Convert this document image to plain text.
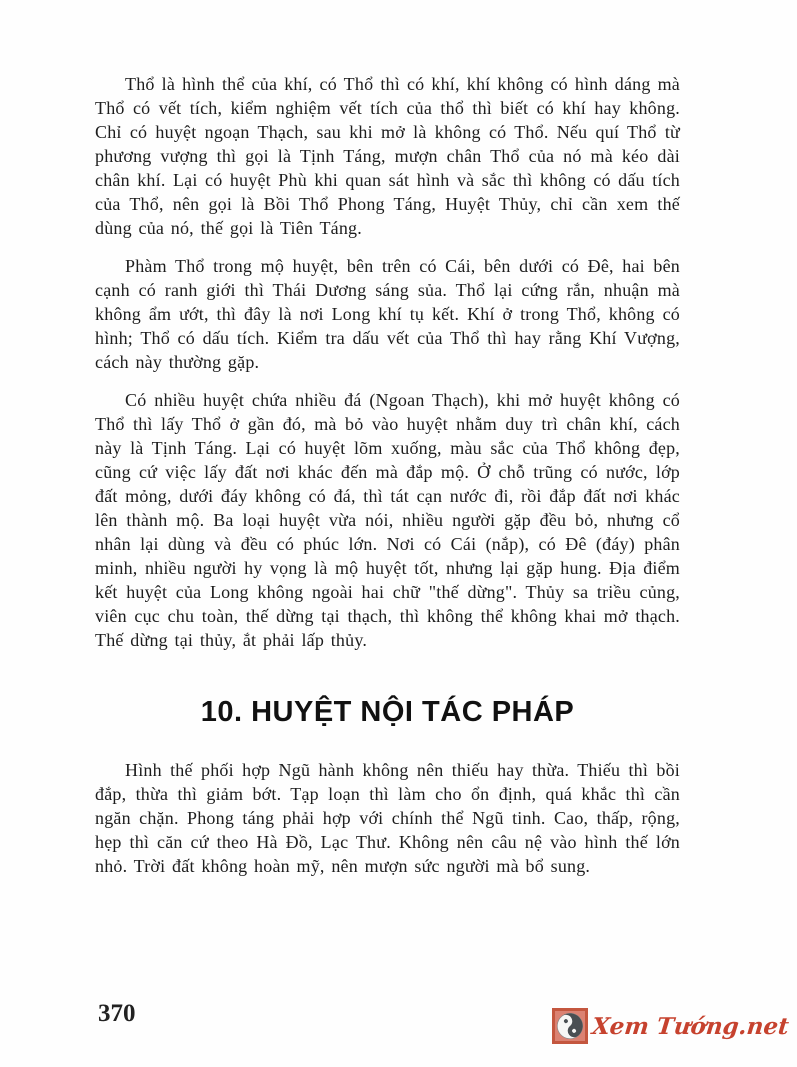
Thổ là hình thể của khí, có Thổ thì có khí, khí không có hình dáng mà Thổ có vết tích, kiểm nghiệm vết tích của thổ thì biết có khí hay không. Chỉ có huyệt ngoạn Thạch, sau khi mở là không có Thổ. Nếu quí Thổ từ phương vượng thì gọi là Tịnh Táng, mượn chân Thổ của nó mà kéo dài chân khí. Lại có huyệt Phù khi quan sát hình và sắc thì không có dấu tích của Thổ, nên gọi là Bồi Thổ Phong Táng, Huyệt Thủy, chỉ cần xem thế dùng của nó, thế gọi là Tiên Táng.

Phàm Thổ trong mộ huyệt, bên trên có Cái, bên dưới có Đê, hai bên cạnh có ranh giới thì Thái Dương sáng sủa. Thổ lại cứng rắn, nhuận mà không ẩm ướt, thì đây là nơi Long khí tụ kết. Khí ở trong Thổ, không có hình; Thổ có dấu tích. Kiểm tra dấu vết của Thổ thì hay rằng Khí Vượng, cách này thường gặp.

Có nhiều huyệt chứa nhiều đá (Ngoan Thạch), khi mở huyệt không có Thổ thì lấy Thổ ở gần đó, mà bỏ vào huyệt nhằm duy trì chân khí, cách này là Tịnh Táng. Lại có huyệt lõm xuống, màu sắc của Thổ không đẹp, cũng cứ việc lấy đất nơi khác đến mà đắp mộ. Ở chỗ trũng có nước, lớp đất mỏng, dưới đáy không có đá, thì tát cạn nước đi, rồi đắp đất nơi khác lên thành mộ. Ba loại huyệt vừa nói, nhiều người gặp đều bỏ, nhưng cổ nhân lại dùng và đều có phúc lớn. Nơi có Cái (nắp), có Đê (đáy) phân minh, nhiều người hy vọng là mộ huyệt tốt, nhưng lại gặp hung. Địa điểm kết huyệt của Long không ngoài hai chữ "thế dừng". Thủy sa triều củng, viên cục chu toàn, thế dừng tại thạch, thì không thể không khai mở thạch. Thế dừng tại thủy, ắt phải lấp thủy.

10. HUYỆT NỘI TÁC PHÁP

Hình thế phối hợp Ngũ hành không nên thiếu hay thừa. Thiếu thì bồi đắp, thừa thì giảm bớt. Tạp loạn thì làm cho ổn định, quá khắc thì cần ngăn chặn. Phong táng phải hợp với chính thể Ngũ tinh. Cao, thấp, rộng, hẹp thì căn cứ theo Hà Đồ, Lạc Thư. Không nên câu nệ vào hình thế lớn nhỏ. Trời đất không hoàn mỹ, nên mượn sức người mà bổ sung.

370	Xem Tướng.net
